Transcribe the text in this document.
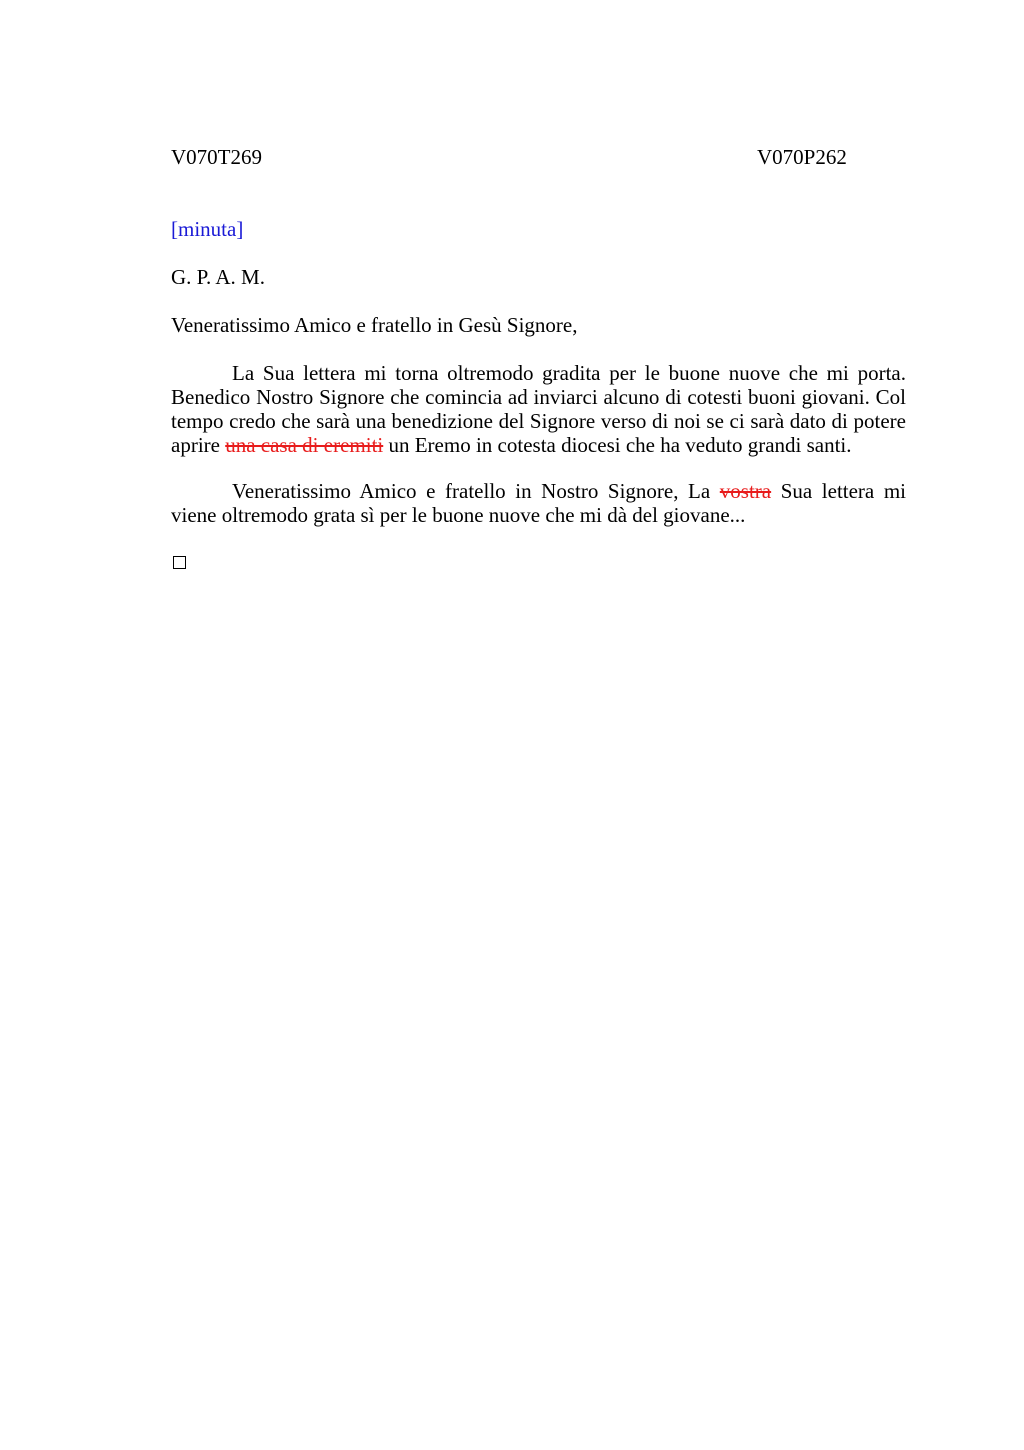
V070T269	V070P262
[minuta]
G. P. A. M.
Veneratissimo Amico e fratello in Gesù Signore,

La Sua lettera mi torna oltremodo gradita per le buone nuove che mi porta. Benedico Nostro Signore che comincia ad inviarci alcuno di cotesti buoni giovani. Col tempo credo che sarà una benedizione del Signore verso di noi se ci sarà dato di potere aprire una casa di eremiti un Eremo in cotesta diocesi che ha veduto grandi santi.

Veneratissimo Amico e fratello in Nostro Signore, La vostra Sua lettera mi viene oltremodo grata sì per le buone nuove che mi dà del giovane...
